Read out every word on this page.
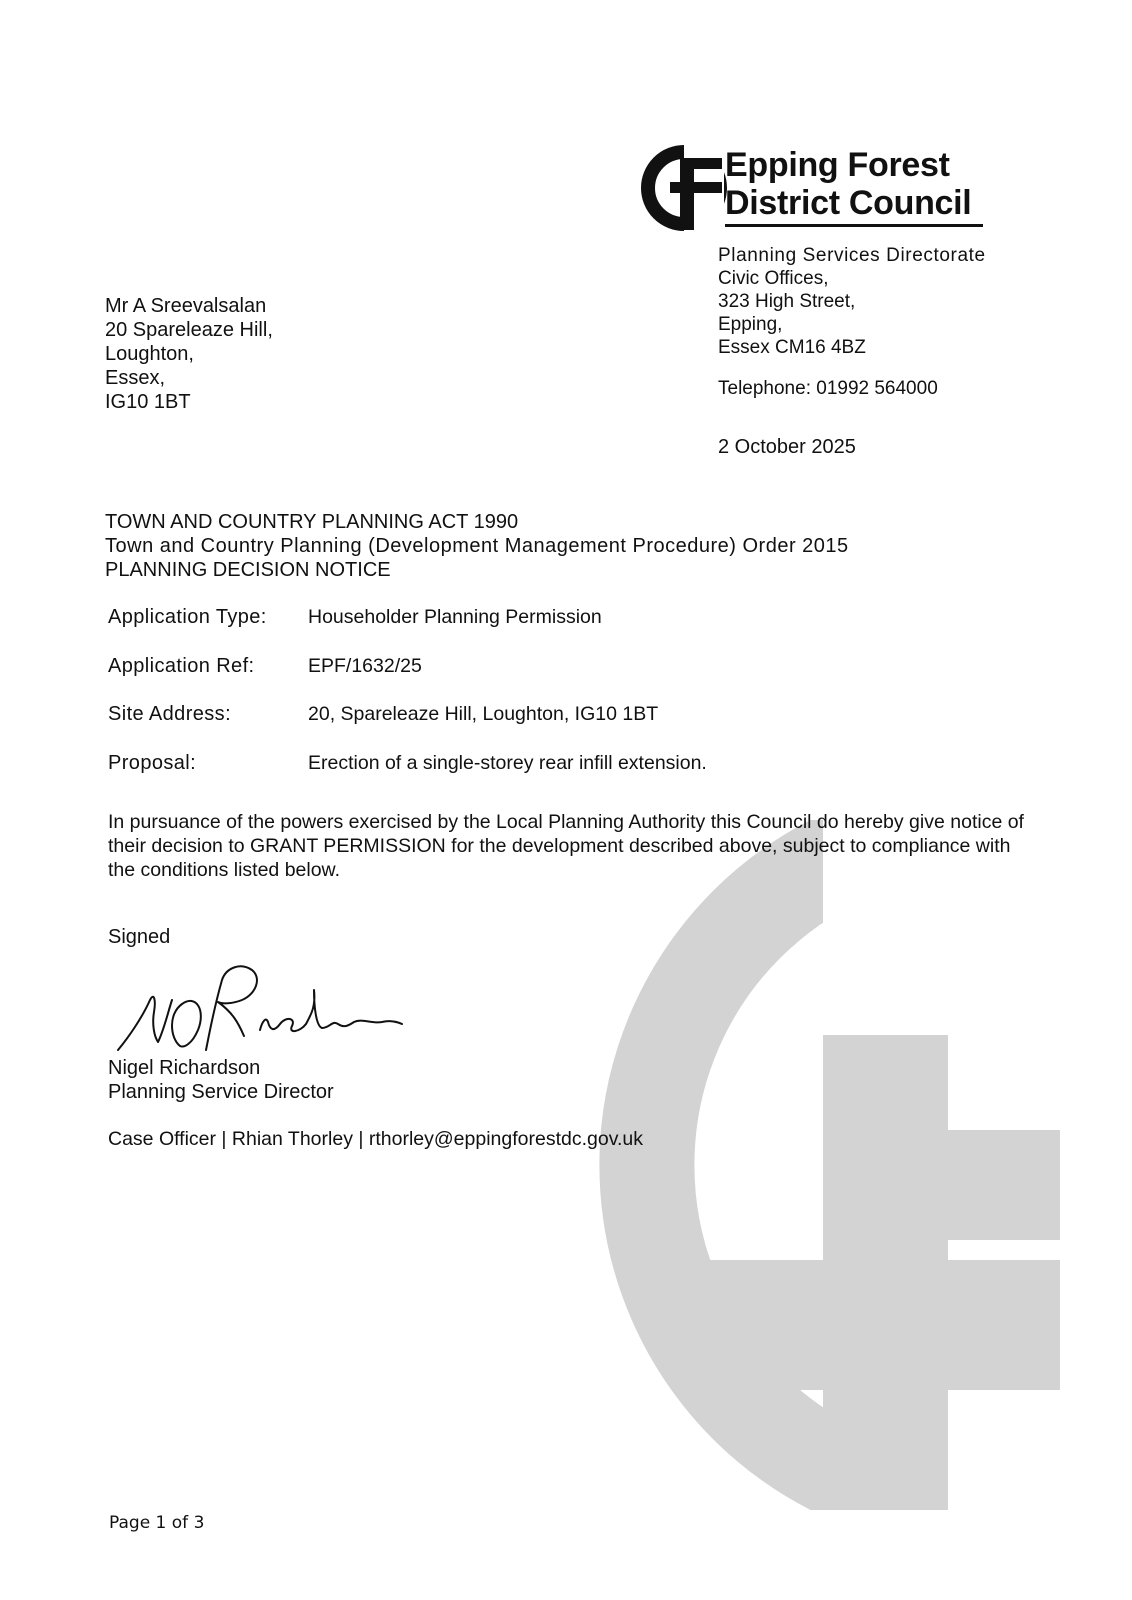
Epping Forest
District Council
Planning Services Directorate
Civic Offices,
323 High Street,
Epping,
Essex CM16 4BZ
Telephone: 01992 564000
2 October 2025
Mr A Sreevalsalan
20 Spareleaze Hill,
Loughton,
Essex,
IG10 1BT
TOWN AND COUNTRY PLANNING ACT 1990
Town and Country Planning (Development Management Procedure) Order 2015
PLANNING DECISION NOTICE
Application Type: Householder Planning Permission
Application Ref:	EPF/1632/25
Site Address:	20, Spareleaze Hill, Loughton, IG10 1BT
Proposal:	Erection of a single-storey rear infill extension.
In pursuance of the powers exercised by the Local Planning Authority this Council do hereby give notice of their decision to GRANT PERMISSION for the development described above, subject to compliance with the conditions listed below.
Signed
Nigel Richardson
Planning Service Director
Case Officer | Rhian Thorley | rthorley@eppingforestdc.gov.uk
Page 1 of 3
